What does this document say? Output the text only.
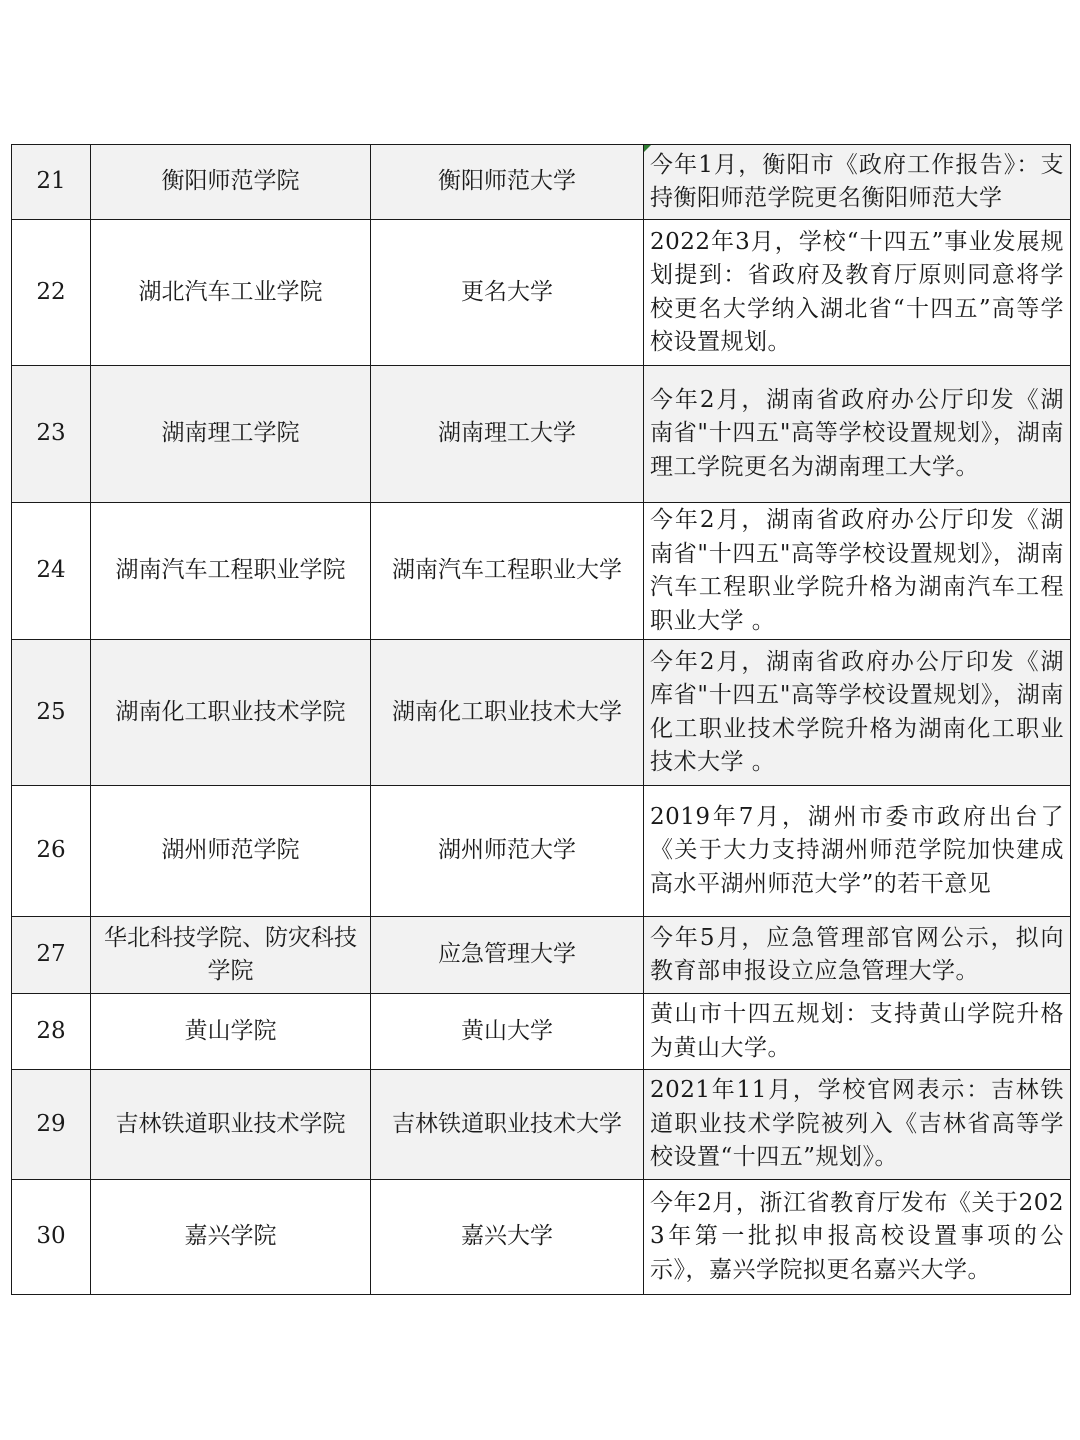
21	衡阳师范学院	衡阳师范大学	今年1月，衡阳市《政府工作报告》：支持衡阳师范学院更名衡阳师范大学
22	湖北汽车工业学院	更名大学	2022年3月，学校“十四五”事业发展规划提到：省政府及教育厅原则同意将学校更名大学纳入湖北省“十四五”高等学校设置规划。
23	湖南理工学院	湖南理工大学	今年2月，湖南省政府办公厅印发《湖南省"十四五"高等学校设置规划》，湖南理工学院更名为湖南理工大学。
24	湖南汽车工程职业学院	湖南汽车工程职业大学	今年2月，湖南省政府办公厅印发《湖南省"十四五"高等学校设置规划》，湖南汽车工程职业学院升格为湖南汽车工程职业大学 。
25	湖南化工职业技术学院	湖南化工职业技术大学	今年2月，湖南省政府办公厅印发《湖库省"十四五"高等学校设置规划》，湖南化工职业技术学院升格为湖南化工职业技术大学 。
26	湖州师范学院	湖州师范大学	2019年7月，湖州市委市政府出台了《关于大力支持湖州师范学院加快建成高水平湖州师范大学”的若干意见
27	华北科技学院、防灾科技学院	应急管理大学	今年5月，应急管理部官网公示，拟向教育部申报设立应急管理大学。
28	黄山学院	黄山大学	黄山市十四五规划：支持黄山学院升格为黄山大学。
29	吉林铁道职业技术学院	吉林铁道职业技术大学	2021年11月，学校官网表示：吉林铁道职业技术学院被列入《吉林省高等学校设置“十四五”规划》。
30	嘉兴学院	嘉兴大学	今年2月，浙江省教育厅发布《关于2023年第一批拟申报高校设置事项的公示》，嘉兴学院拟更名嘉兴大学。
